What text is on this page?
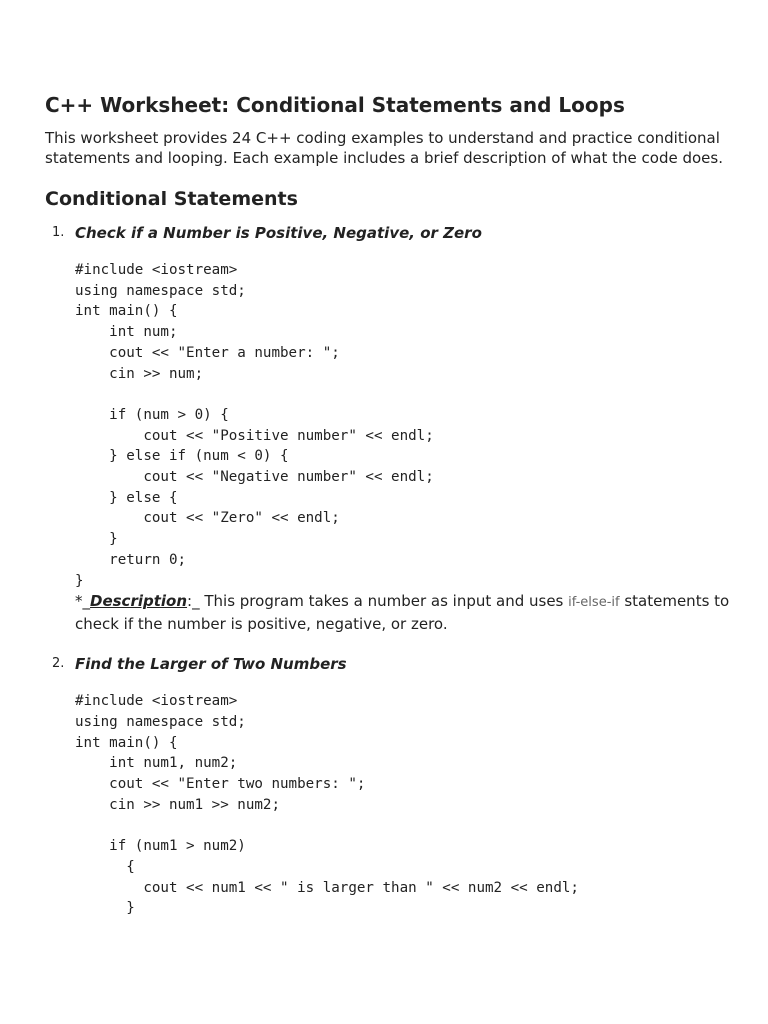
C++ Worksheet: Conditional Statements and Loops

This worksheet provides 24 C++ coding examples to understand and practice conditional statements and looping. Each example includes a brief description of what the code does.

Conditional Statements
1. Check if a Number is Positive, Negative, or Zero
#include <iostream>
using namespace std;
int main() {
int num;
cout << "Enter a number: ";
cin >> num;

if (num > 0) {
cout << "Positive number" << endl;
} else if (num < 0) {
cout << "Negative number" << endl;
} else {
cout << "Zero" << endl;
}
return 0;
}
*_Description:_ This program takes a number as input and uses if-else-if statements to check if the number is positive, negative, or zero.
2. Find the Larger of Two Numbers
#include <iostream>
using namespace std;
int main() {
int num1, num2;
cout << "Enter two numbers: ";
cin >> num1 >> num2;

if (num1 > num2)
{
cout << num1 << " is larger than " << num2 << endl;
}
